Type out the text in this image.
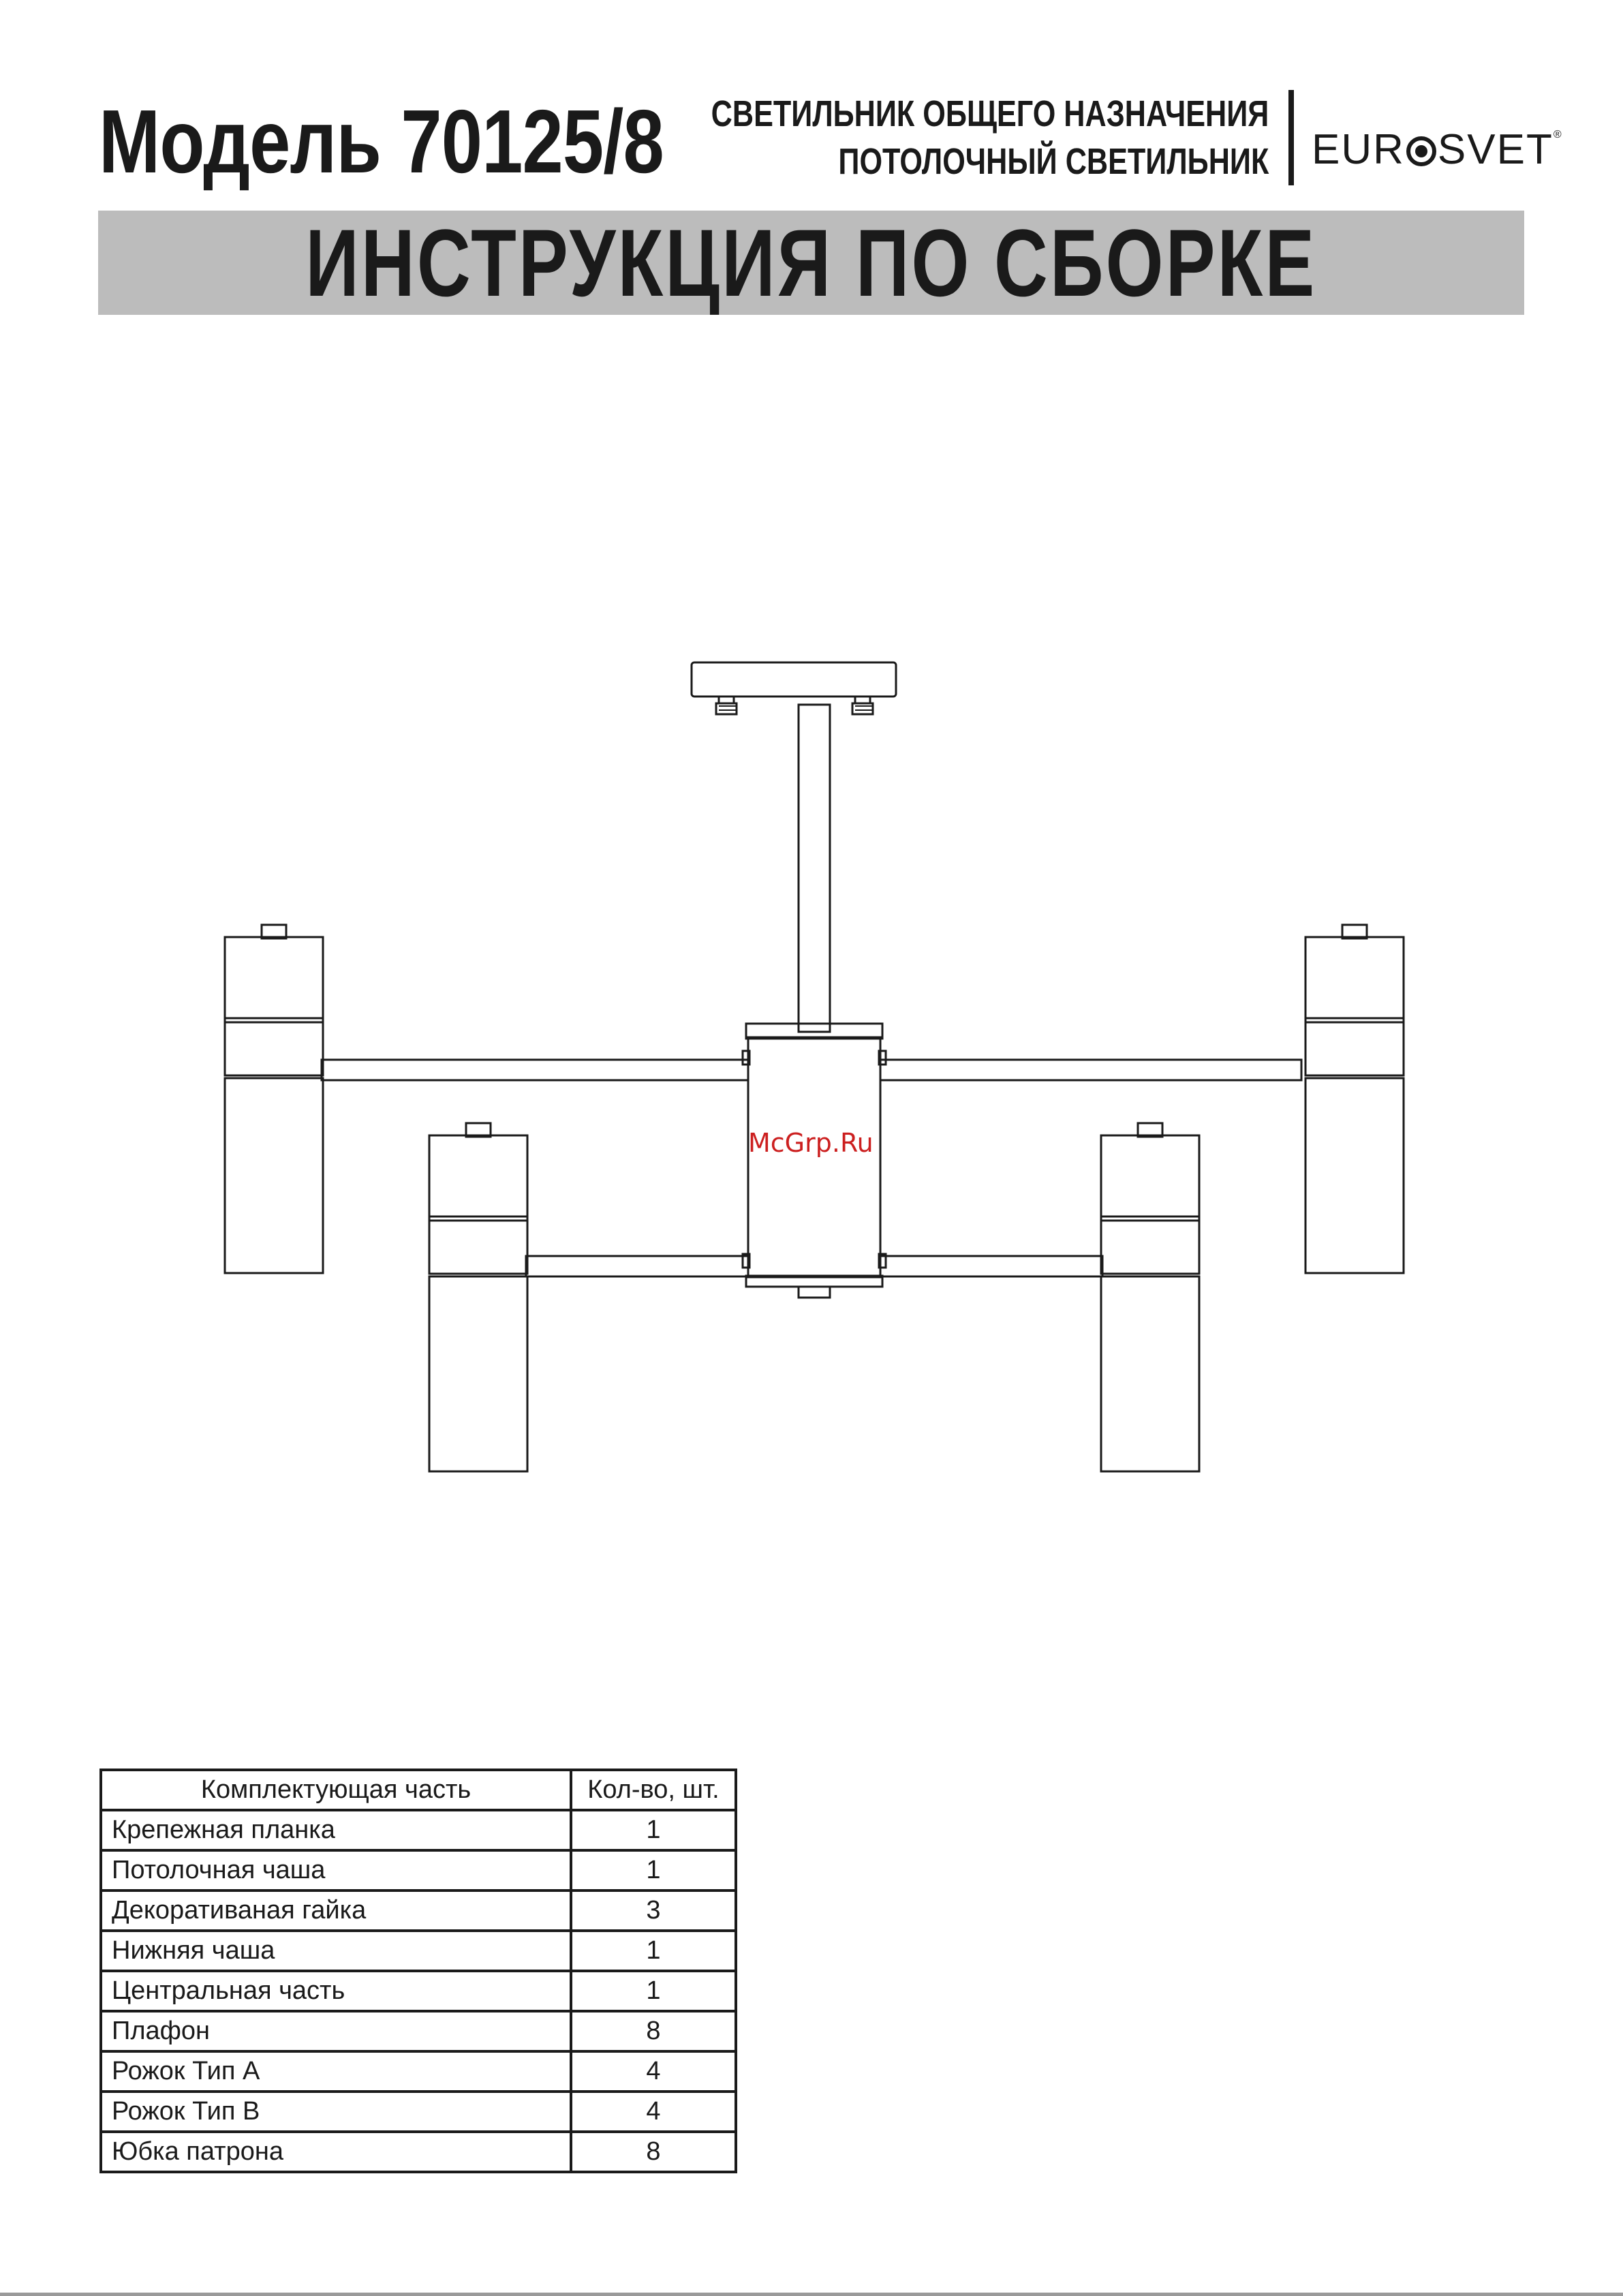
Модель 70125/8 СВЕТИЛЬНИК ОБЩЕГО НАЗНАЧЕНИЯ
ПОТОЛОЧНЫЙ СВЕТИЛЬНИК EUR SVET®
ИНСТРУКЦИЯ ПО СБОРКЕ
McGrp.Ru
Комплектующая часть	Кол-во, шт.
Крепежная планка	1
Потолочная чаша	1
Декоративаная гайка	3
Нижняя чаша	1
Центральная часть	1
Плафон	8
Рожок Тип А	4
Рожок Тип В	4
Юбка патрона	8
